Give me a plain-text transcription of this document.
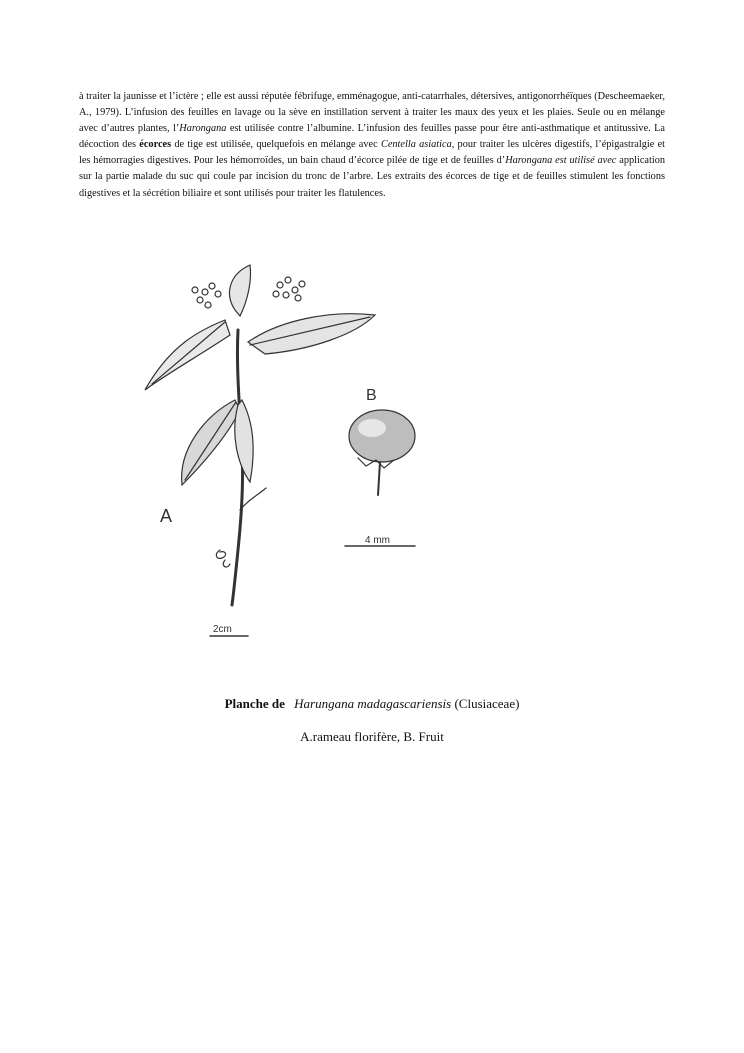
à traiter la jaunisse et l’ictère ; elle est aussi réputée fébrifuge, emménagogue, anti-catarrhales, détersives, antigonorrhéïques (Descheemaeker, A., 1979). L’infusion des feuilles en lavage ou la sève en instillation servent à traiter les maux des yeux et les plaies. Seule ou en mélange avec d’autres plantes, l’Harongana est utilisée contre l’albumine. L’infusion des feuilles passe pour être anti-asthmatique et antitussive. La décoction des écorces de tige est utilisée, quelquefois en mélange avec Centella asiatica, pour traiter les ulcères digestifs, l’épigastralgie et les hémorragies digestives. Pour les hémorroïdes, un bain chaud d’écorce pilée de tige et de feuilles d’Harongana est utilisé avec application sur la partie malade du suc qui coule par incision du tronc de l’arbre. Les extraits des écorces de tige et de feuilles stimulent les fonctions digestives et la sécrétion biliaire et sont utilisés pour traiter les flatulences.

A
B
2cm
4 mm
Planche de Harungana madagascariensis (Clusiaceae)
A.rameau florifère, B. Fruit
